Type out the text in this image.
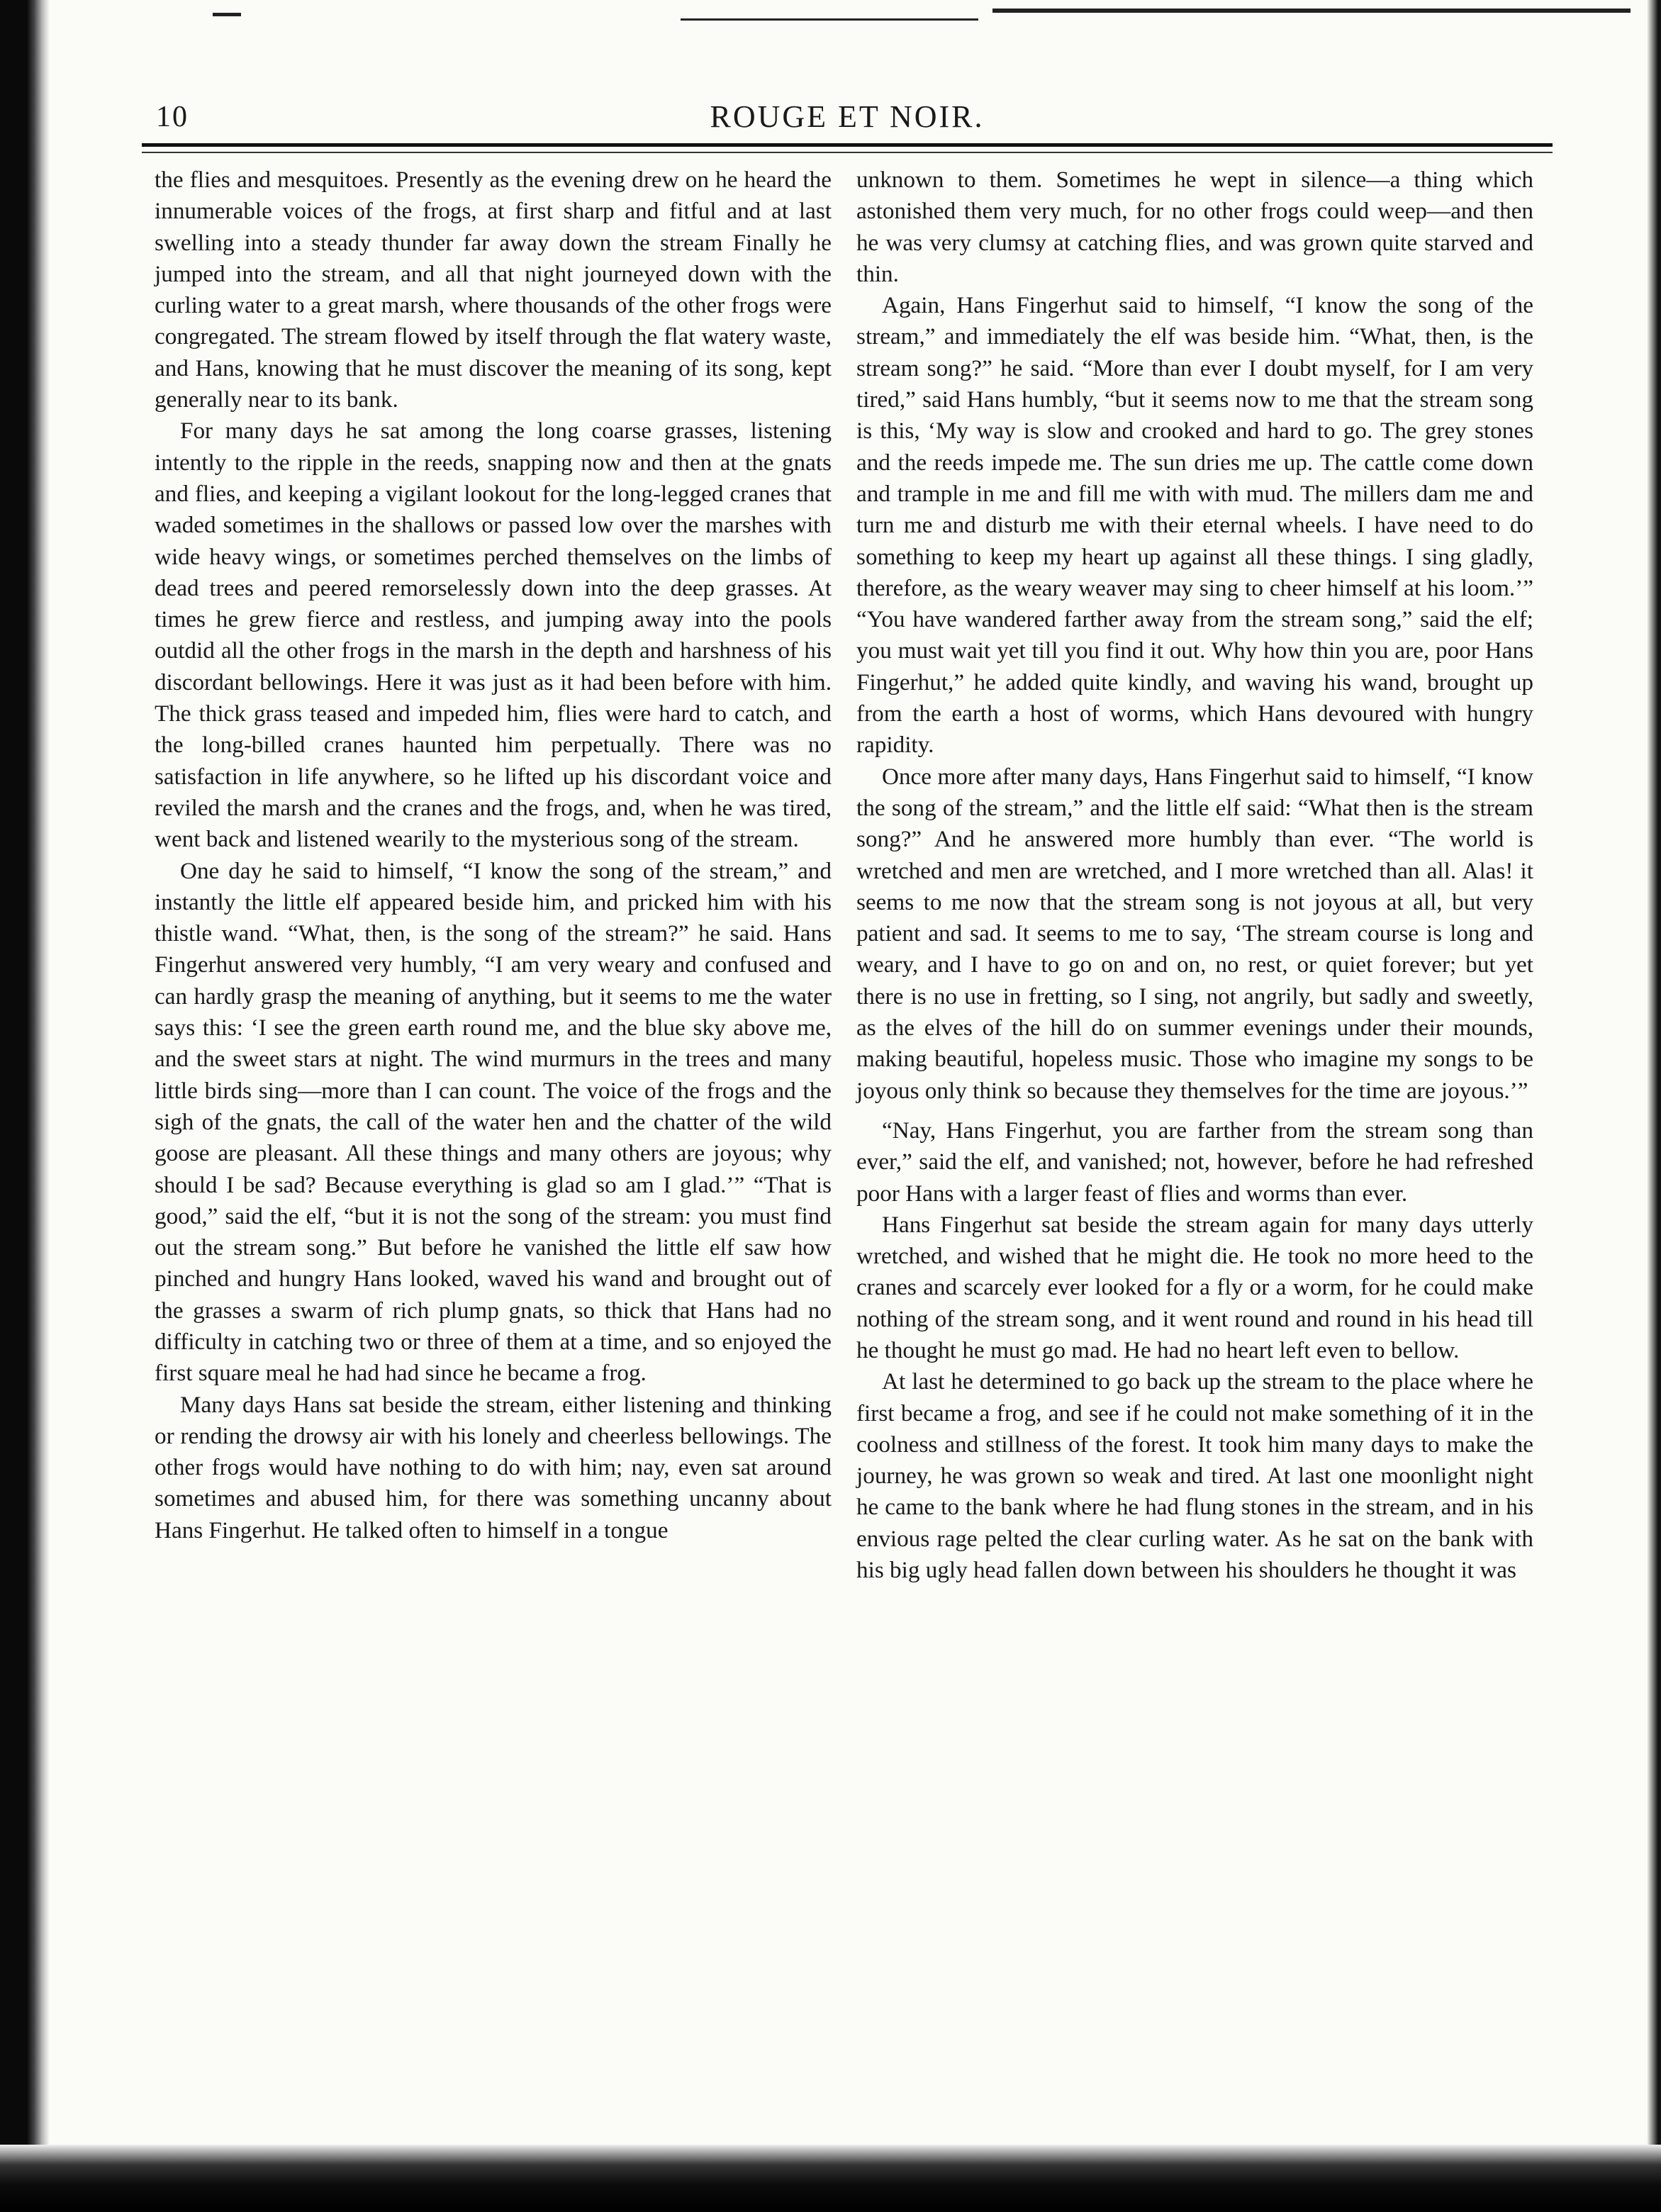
10	ROUGE ET NOIR.

the flies and mesquitoes. Presently as the evening drew on he heard the innumerable voices of the frogs, at first sharp and fitful and at last swelling into a steady thunder far away down the stream Finally he jumped into the stream, and all that night journeyed down with the curling water to a great marsh, where thousands of the other frogs were congregated. The stream flowed by itself through the flat watery waste, and Hans, knowing that he must discover the meaning of its song, kept generally near to its bank.

For many days he sat among the long coarse grasses, listening intently to the ripple in the reeds, snapping now and then at the gnats and flies, and keeping a vigilant lookout for the long-legged cranes that waded sometimes in the shallows or passed low over the marshes with wide heavy wings, or sometimes perched themselves on the limbs of dead trees and peered remorselessly down into the deep grasses. At times he grew fierce and restless, and jumping away into the pools outdid all the other frogs in the marsh in the depth and harshness of his discordant bellowings. Here it was just as it had been before with him. The thick grass teased and impeded him, flies were hard to catch, and the long-billed cranes haunted him perpetually. There was no satisfaction in life anywhere, so he lifted up his discordant voice and reviled the marsh and the cranes and the frogs, and, when he was tired, went back and listened wearily to the mysterious song of the stream.

One day he said to himself, “I know the song of the stream,” and instantly the little elf appeared beside him, and pricked him with his thistle wand. “What, then, is the song of the stream?” he said. Hans Fingerhut answered very humbly, “I am very weary and confused and can hardly grasp the meaning of anything, but it seems to me the water says this: ‘I see the green earth round me, and the blue sky above me, and the sweet stars at night. The wind murmurs in the trees and many little birds sing—more than I can count. The voice of the frogs and the sigh of the gnats, the call of the water hen and the chatter of the wild goose are pleasant. All these things and many others are joyous; why should I be sad? Because everything is glad so am I glad.’” “That is good,” said the elf, “but it is not the song of the stream: you must find out the stream song.” But before he vanished the little elf saw how pinched and hungry Hans looked, waved his wand and brought out of the grasses a swarm of rich plump gnats, so thick that Hans had no difficulty in catching two or three of them at a time, and so enjoyed the first square meal he had had since he became a frog.

Many days Hans sat beside the stream, either listening and thinking or rending the drowsy air with his lonely and cheerless bellowings. The other frogs would have nothing to do with him; nay, even sat around sometimes and abused him, for there was something uncanny about Hans Fingerhut. He talked often to himself in a tongue

unknown to them. Sometimes he wept in silence—a thing which astonished them very much, for no other frogs could weep—and then he was very clumsy at catching flies, and was grown quite starved and thin.

Again, Hans Fingerhut said to himself, “I know the song of the stream,” and immediately the elf was beside him. “What, then, is the stream song?” he said. “More than ever I doubt myself, for I am very tired,” said Hans humbly, “but it seems now to me that the stream song is this, ‘My way is slow and crooked and hard to go. The grey stones and the reeds impede me. The sun dries me up. The cattle come down and trample in me and fill me with with mud. The millers dam me and turn me and disturb me with their eternal wheels. I have need to do something to keep my heart up against all these things. I sing gladly, therefore, as the weary weaver may sing to cheer himself at his loom.’” “You have wandered farther away from the stream song,” said the elf; you must wait yet till you find it out. Why how thin you are, poor Hans Fingerhut,” he added quite kindly, and waving his wand, brought up from the earth a host of worms, which Hans devoured with hungry rapidity.

Once more after many days, Hans Fingerhut said to himself, “I know the song of the stream,” and the little elf said: “What then is the stream song?” And he answered more humbly than ever. “The world is wretched and men are wretched, and I more wretched than all. Alas! it seems to me now that the stream song is not joyous at all, but very patient and sad. It seems to me to say, ‘The stream course is long and weary, and I have to go on and on, no rest, or quiet forever; but yet there is no use in fretting, so I sing, not angrily, but sadly and sweetly, as the elves of the hill do on summer evenings under their mounds, making beautiful, hopeless music. Those who imagine my songs to be joyous only think so because they themselves for the time are joyous.’”

“Nay, Hans Fingerhut, you are farther from the stream song than ever,” said the elf, and vanished; not, however, before he had refreshed poor Hans with a larger feast of flies and worms than ever.

Hans Fingerhut sat beside the stream again for many days utterly wretched, and wished that he might die. He took no more heed to the cranes and scarcely ever looked for a fly or a worm, for he could make nothing of the stream song, and it went round and round in his head till he thought he must go mad. He had no heart left even to bellow.

At last he determined to go back up the stream to the place where he first became a frog, and see if he could not make something of it in the coolness and stillness of the forest. It took him many days to make the journey, he was grown so weak and tired. At last one moonlight night he came to the bank where he had flung stones in the stream, and in his envious rage pelted the clear curling water. As he sat on the bank with his big ugly head fallen down between his shoulders he thought it was
